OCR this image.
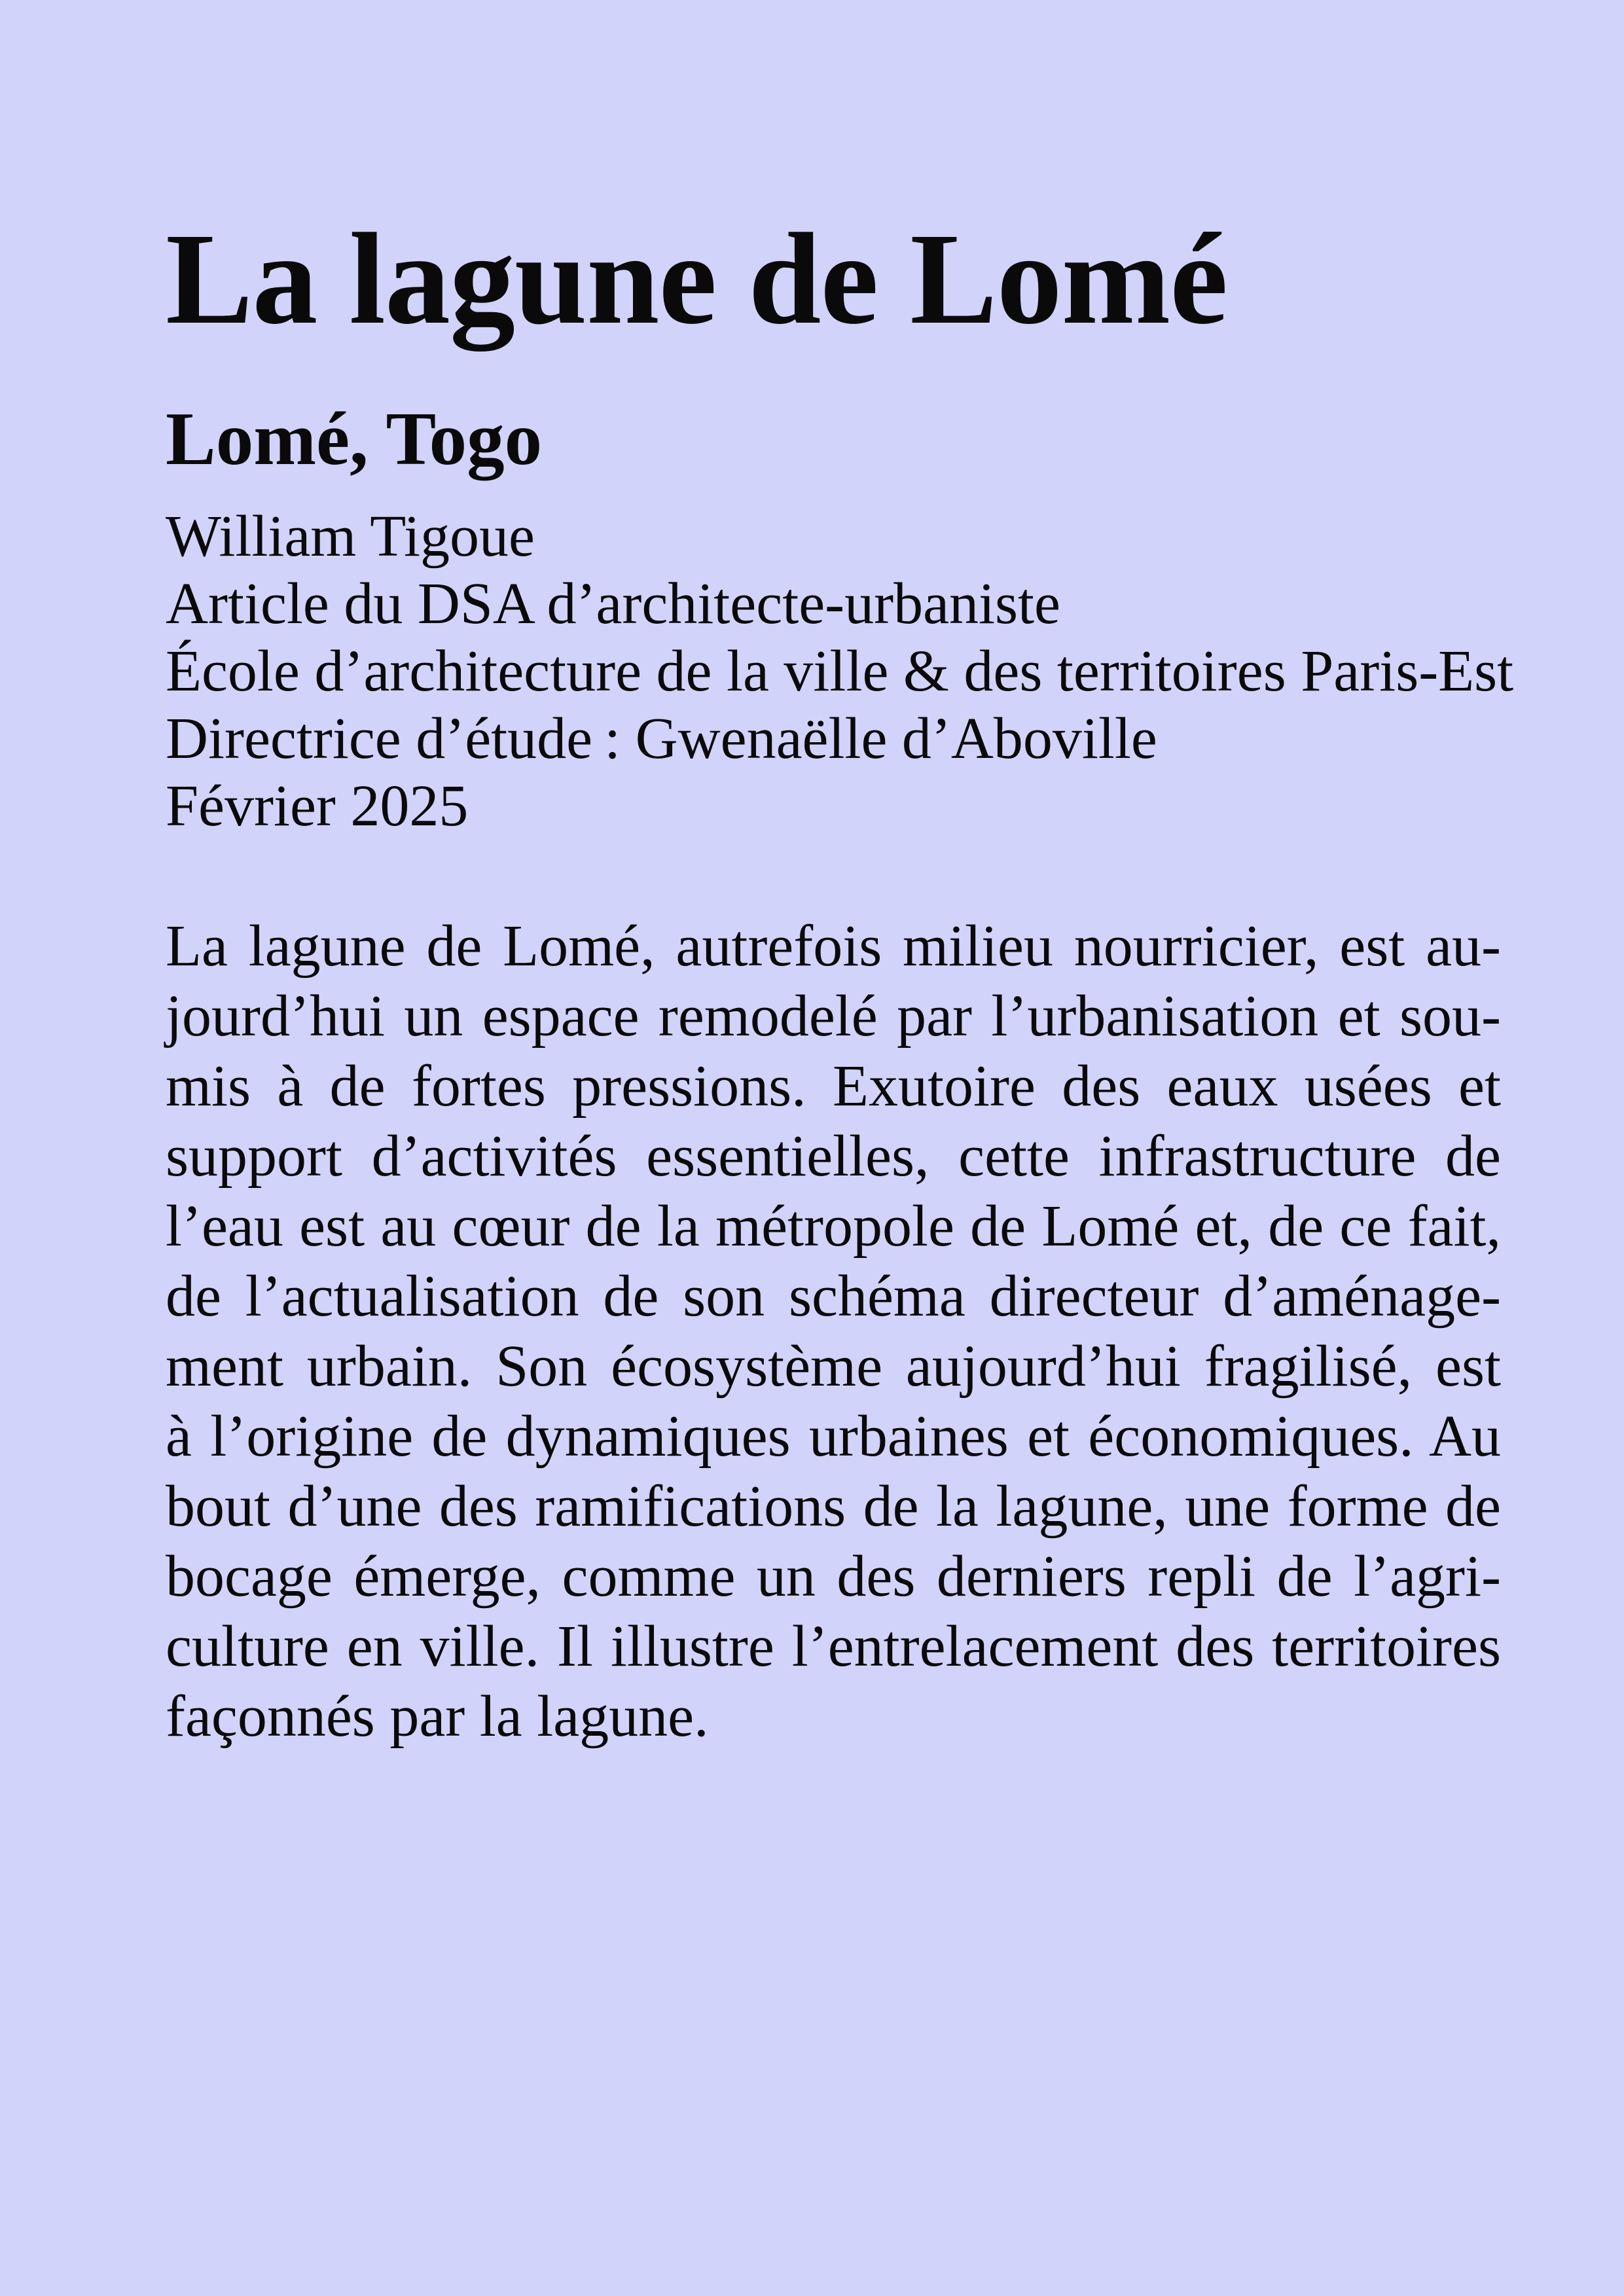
La lagune de Lomé
Lomé, Togo
William Tigoue
Article du DSA d’architecte-urbaniste
École d’architecture de la ville & des territoires Paris-Est
Directrice d’étude : Gwenaëlle d’Aboville
Février 2025
La lagune de Lomé, autrefois milieu nourricier, est au-
jourd’hui un espace remodelé par l’urbanisation et sou-
mis à de fortes pressions. Exutoire des eaux usées et
support d’activités essentielles, cette infrastructure de
l’eau est au cœur de la métropole de Lomé et, de ce fait,
de l’actualisation de son schéma directeur d’aménage-
ment urbain. Son écosystème aujourd’hui fragilisé, est
à l’origine de dynamiques urbaines et économiques. Au
bout d’une des ramifications de la lagune, une forme de
bocage émerge, comme un des derniers repli de l’agri-
culture en ville. Il illustre l’entrelacement des territoires
façonnés par la lagune.
